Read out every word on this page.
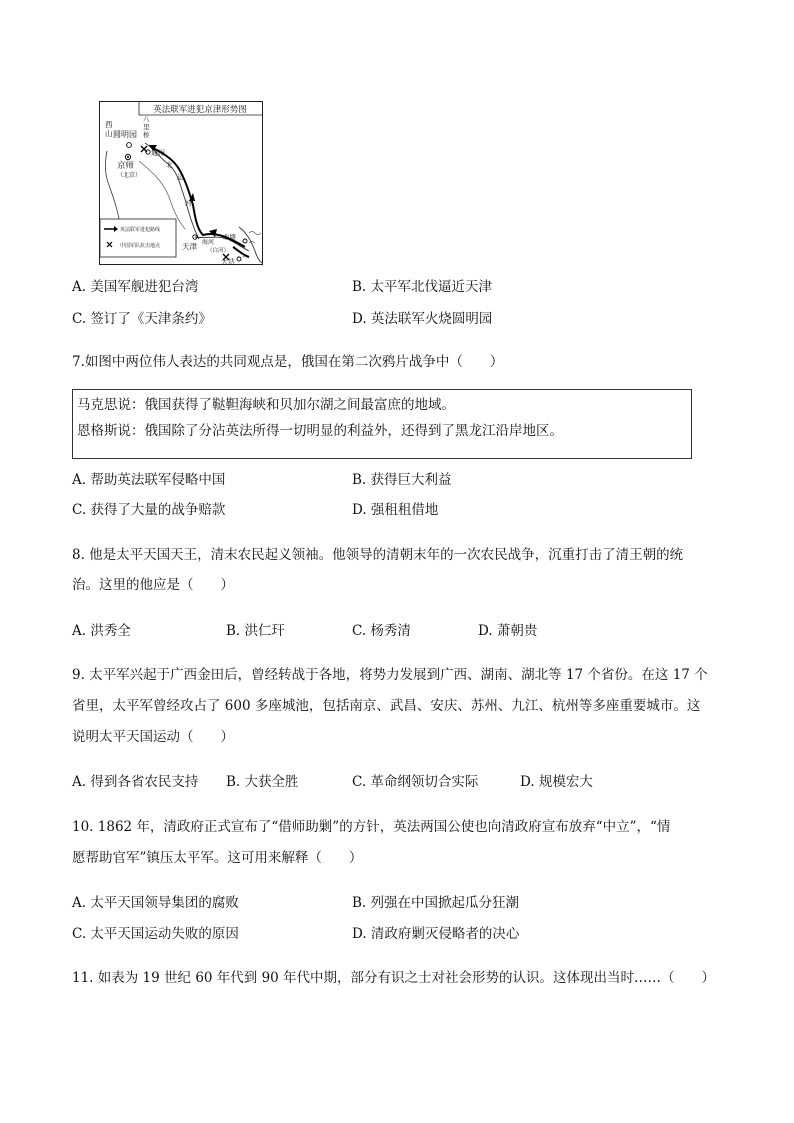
英法联军进犯京津形势图
西
山 圆明园
八
里
桥
通州
京师
（北京）
北
运
河
天津 海河
（白河）
北塘
大沽
英法联军进犯路线
中国军队抗击地点
A. 美国军舰进犯台湾	B. 太平军北伐逼近天津
C. 签订了《天津条约》	D. 英法联军火烧圆明园
7.如图中两位伟人表达的共同观点是，俄国在第二次鸦片战争中（　　）
马克思说：俄国获得了鞑靼海峡和贝加尔湖之间最富庶的地域。
恩格斯说：俄国除了分沾英法所得一切明显的利益外，还得到了黑龙江沿岸地区。
A. 帮助英法联军侵略中国	B. 获得巨大利益
C. 获得了大量的战争赔款	D. 强租租借地
8. 他是太平天国天王，清末农民起义领袖。他领导的清朝末年的一次农民战争，沉重打击了清王朝的统
治。这里的他应是（　　）
A. 洪秀全	B. 洪仁玕	C. 杨秀清	D. 萧朝贵
9. 太平军兴起于广西金田后，曾经转战于各地，将势力发展到广西、湖南、湖北等 17 个省份。在这 17 个
省里，太平军曾经攻占了 600 多座城池，包括南京、武昌、安庆、苏州、九江、杭州等多座重要城市。这
说明太平天国运动（　　）
A. 得到各省农民支持 B. 大获全胜	C. 革命纲领切合实际	D. 规模宏大
10. 1862 年，清政府正式宣布了“借师助剿”的方针，英法两国公使也向清政府宣布放弃“中立”，“情
愿帮助官军”镇压太平军。这可用来解释（　　）
A. 太平天国领导集团的腐败	B. 列强在中国掀起瓜分狂潮
C. 太平天国运动失败的原因	D. 清政府剿灭侵略者的决心
11. 如表为 19 世纪 60 年代到 90 年代中期，部分有识之士对社会形势的认识。这体现出当时……（　　）
